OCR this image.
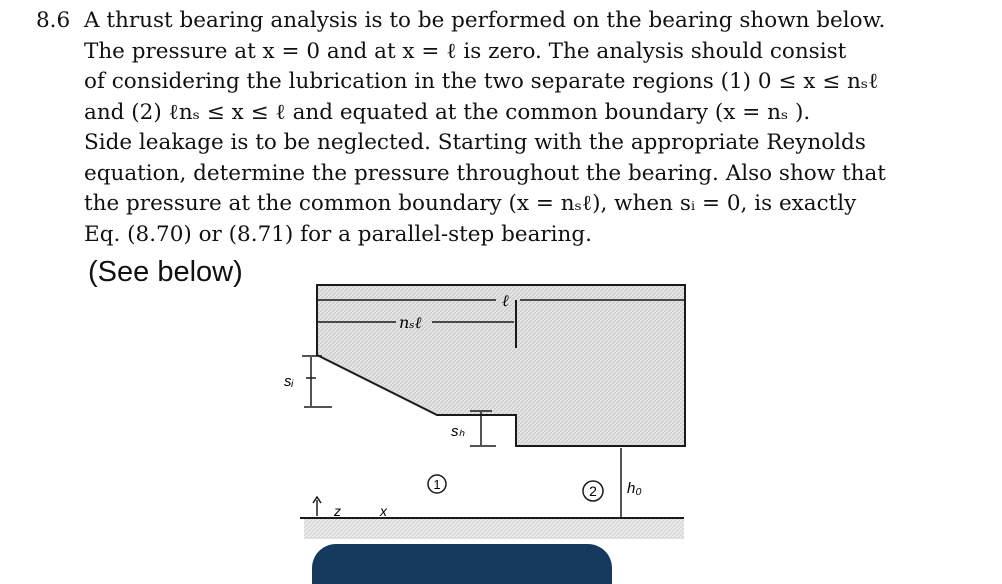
8.6 A thrust bearing analysis is to be performed on the bearing shown below.
The pressure at x = 0 and at x = ℓ is zero. The analysis should consist
of considering the lubrication in the two separate regions (1) 0 ≤ x ≤ nₛℓ
and (2) ℓnₛ ≤ x ≤ ℓ and equated at the common boundary (x = nₛ ).
Side leakage is to be neglected. Starting with the appropriate Reynolds
equation, determine the pressure throughout the bearing. Also show that
the pressure at the common boundary (x = nₛℓ), when sᵢ = 0, is exactly
Eq. (8.70) or (8.71) for a parallel-step bearing.
(See below)
ℓ
nₛℓ
sᵢ
sₕ
1	2 h₀
z	x
